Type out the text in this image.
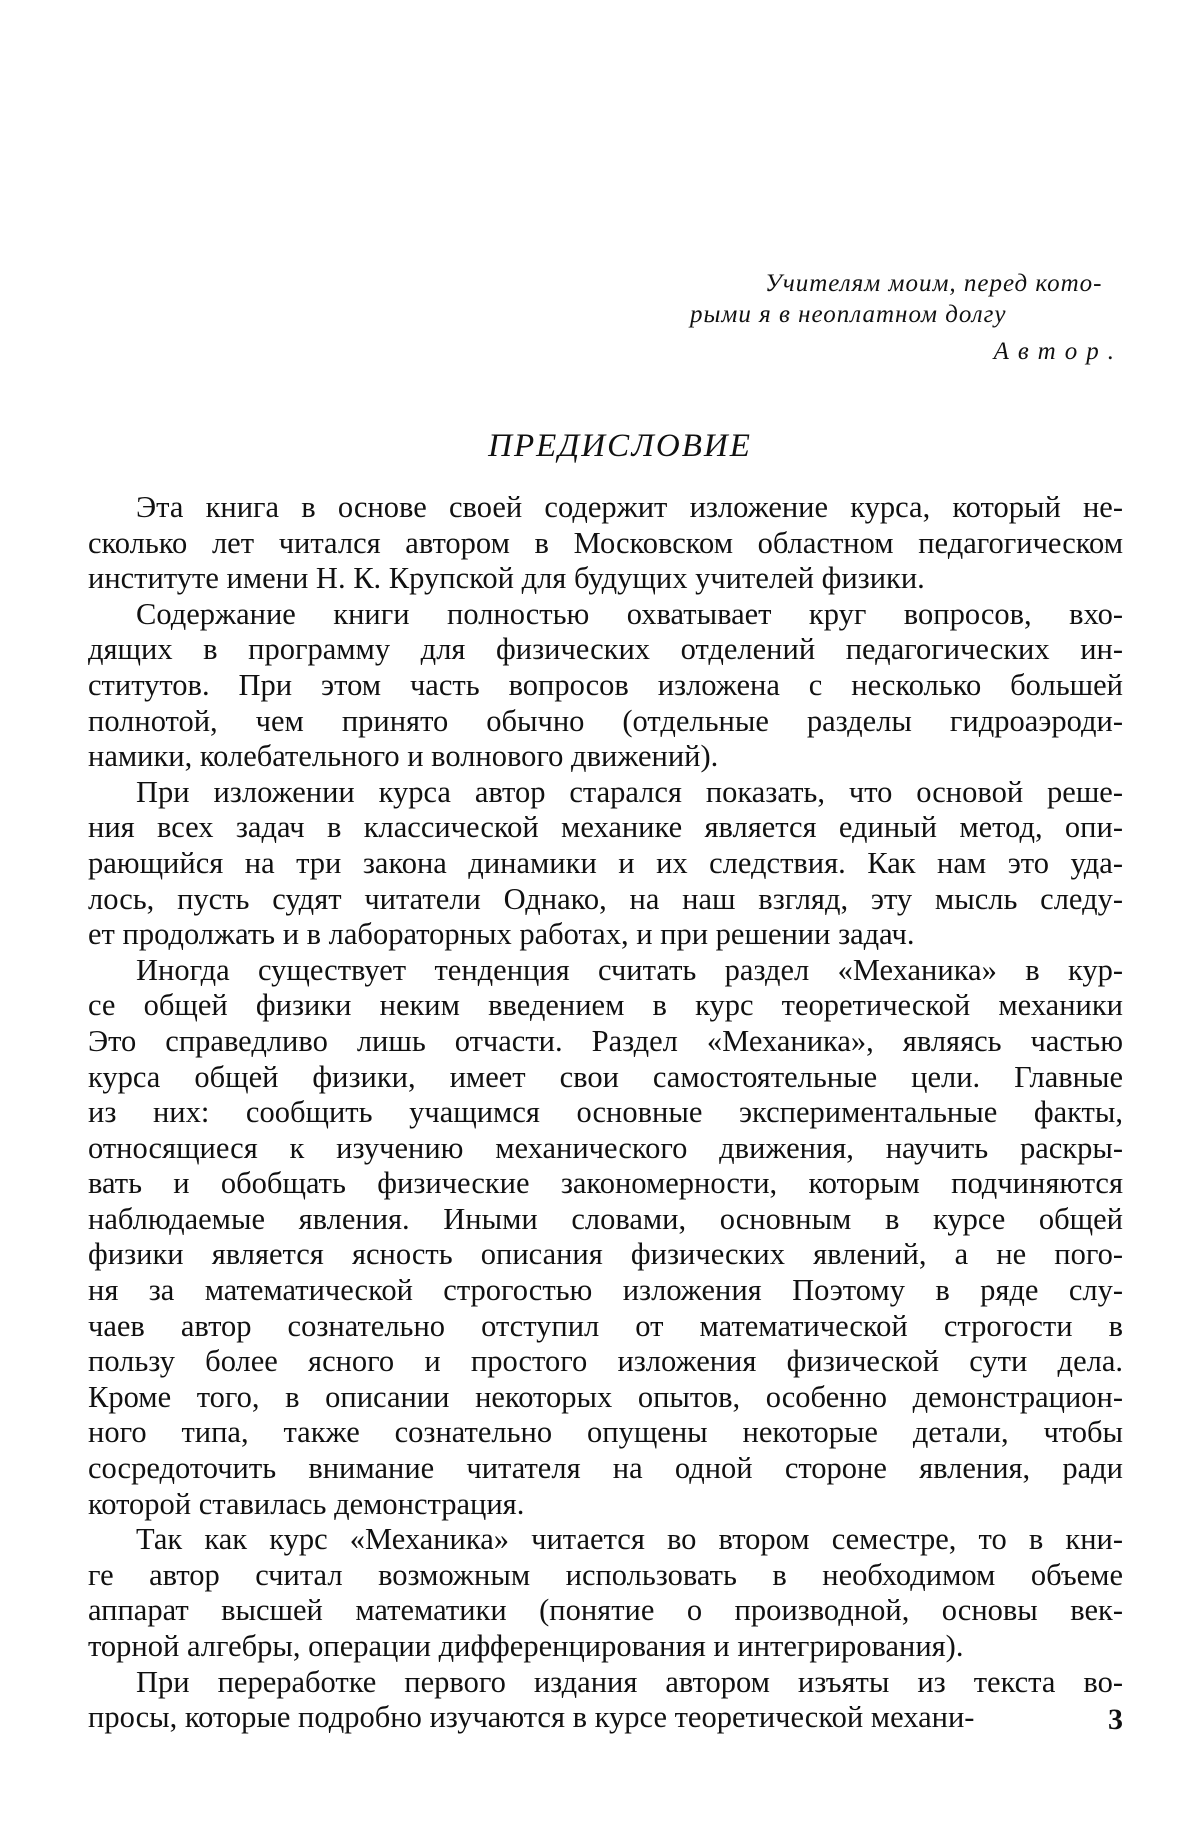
Учителям моим, перед кото-
рыми я в неоплатном долгу
Автор.
ПРЕДИСЛОВИЕ
Эта книга в основе своей содержит изложение курса, который не-
сколько лет читался автором в Московском областном педагогическом
институте имени Н. К. Крупской для будущих учителей физики.
Содержание книги полностью охватывает круг вопросов, вхо-
дящих в программу для физических отделений педагогических ин-
ститутов. При этом часть вопросов изложена с несколько большей
полнотой, чем принято обычно (отдельные разделы гидроаэроди-
намики, колебательного и волнового движений).
При изложении курса автор старался показать, что основой реше-
ния всех задач в классической механике является единый метод, опи-
рающийся на три закона динамики и их следствия. Как нам это уда-
лось, пусть судят читатели Однако, на наш взгляд, эту мысль следу-
ет продолжать и в лабораторных работах, и при решении задач.
Иногда существует тенденция считать раздел «Механика» в кур-
се общей физики неким введением в курс теоретической механики
Это справедливо лишь отчасти. Раздел «Механика», являясь частью
курса общей физики, имеет свои самостоятельные цели. Главные
из них: сообщить учащимся основные экспериментальные факты,
относящиеся к изучению механического движения, научить раскры-
вать и обобщать физические закономерности, которым подчиняются
наблюдаемые явления. Иными словами, основным в курсе общей
физики является ясность описания физических явлений, а не пого-
ня за математической строгостью изложения Поэтому в ряде слу-
чаев автор сознательно отступил от математической строгости в
пользу более ясного и простого изложения физической сути дела.
Кроме того, в описании некоторых опытов, особенно демонстрацион-
ного типа, также сознательно опущены некоторые детали, чтобы
сосредоточить внимание читателя на одной стороне явления, ради
которой ставилась демонстрация.
Так как курс «Механика» читается во втором семестре, то в кни-
ге автор считал возможным использовать в необходимом объеме
аппарат высшей математики (понятие о производной, основы век-
торной алгебры, операции дифференцирования и интегрирования).
При переработке первого издания автором изъяты из текста во-
просы, которые подробно изучаются в курсе теоретической механи-	3
